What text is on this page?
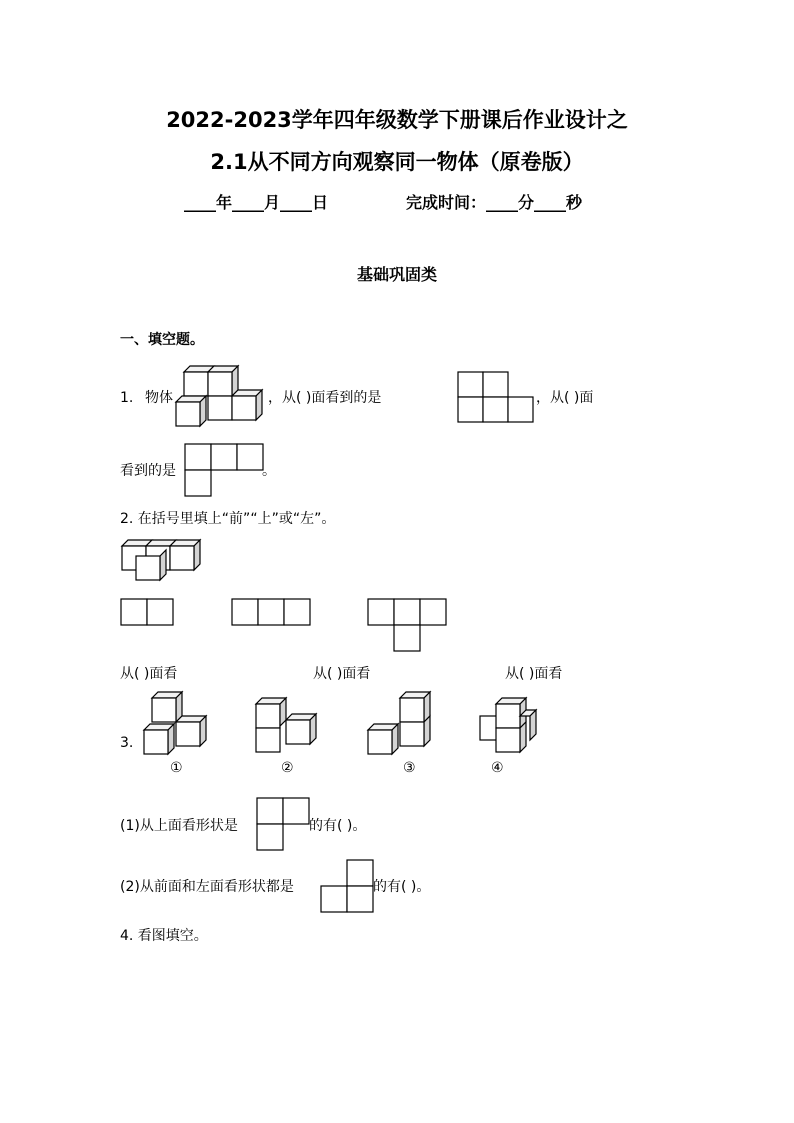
2022-2023学年四年级数学下册课后作业设计之
2.1从不同方向观察同一物体（原卷版）
____年____月____日	完成时间：____分____秒
基础巩固类
一、填空题。
1. 物体	，从( )面看到的是	，从( )面
看到的是	。
2. 在括号里填上“前”“上”或“左”。
从( )面看	从( )面看	从( )面看
3.
①	②	③	④
(1)从上面看形状是	的有( )。
(2)从前面和左面看形状都是	的有( )。
4. 看图填空。
